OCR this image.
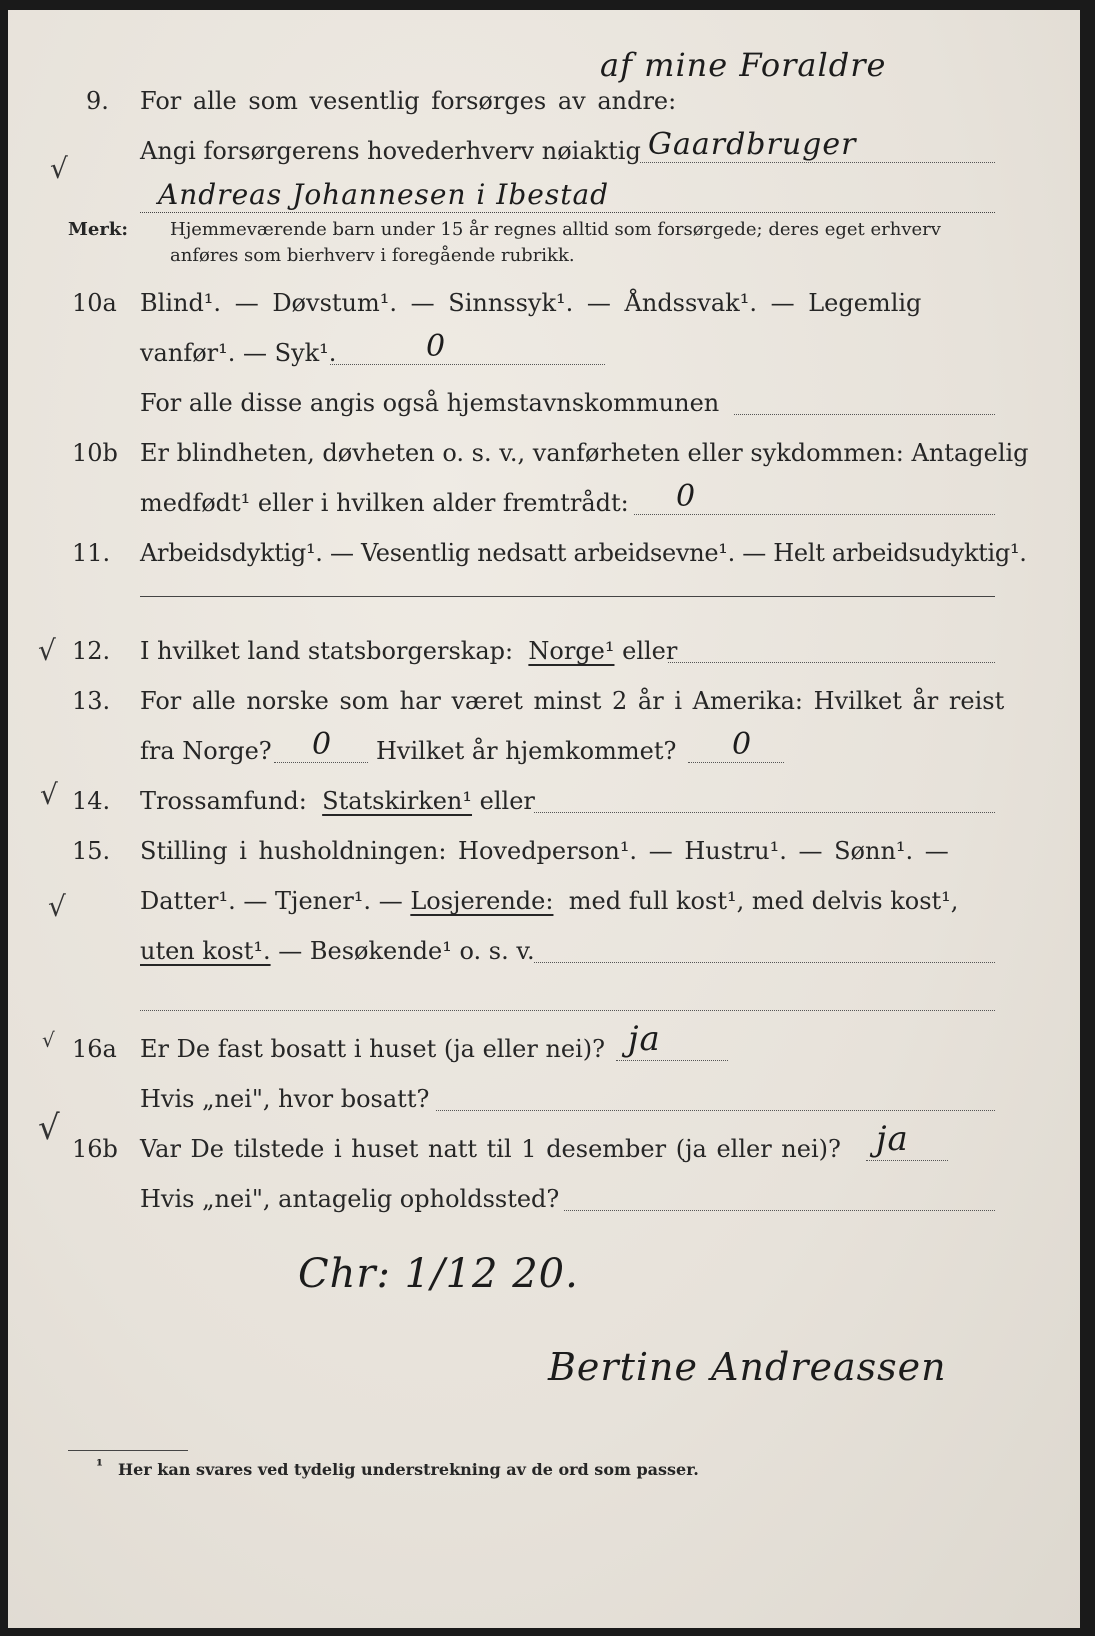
af mine Foraldre
9. For alle som vesentlig forsørges av andre:
√
Angi forsørgerens hovederhverv nøiaktig Gaardbruger
Andreas Johannesen i Ibestad
Merk: Hjemmeværende barn under 15 år regnes alltid som forsørgede; deres eget erhverv
anføres som bierhverv i foregående rubrikk.
10a Blind¹. — Døvstum¹. — Sinnssyk¹. — Åndssvak¹. — Legemlig
vanfør¹. — Syk¹.	0
For alle disse angis også hjemstavnskommunen
10b Er blindheten, døvheten o. s. v., vanførheten eller sykdommen: Antagelig
medfødt¹ eller i hvilken alder fremtrådt: 0
11. Arbeidsdyktig¹. — Vesentlig nedsatt arbeidsevne¹. — Helt arbeidsudyktig¹.
√ 12. I hvilket land statsborgerskap: Norge¹ eller
13. For alle norske som har været minst 2 år i Amerika: Hvilket år reist
fra Norge? 0 Hvilket år hjemkommet? 0
√ 14. Trossamfund: Statskirken¹ eller
15. Stilling i husholdningen: Hovedperson¹. — Hustru¹. — Sønn¹. —
√	Datter¹. — Tjener¹. — Losjerende: med full kost¹, med delvis kost¹,
uten kost¹. — Besøkende¹ o. s. v.
√ 16a Er De fast bosatt i huset (ja eller nei)? ja
Hvis „nei", hvor bosatt?
√
16b Var De tilstede i huset natt til 1 desember (ja eller nei)? ja
Hvis „nei", antagelig opholdssted?
Chr: 1/12 20.
Bertine Andreassen
¹ Her kan svares ved tydelig understrekning av de ord som passer.
